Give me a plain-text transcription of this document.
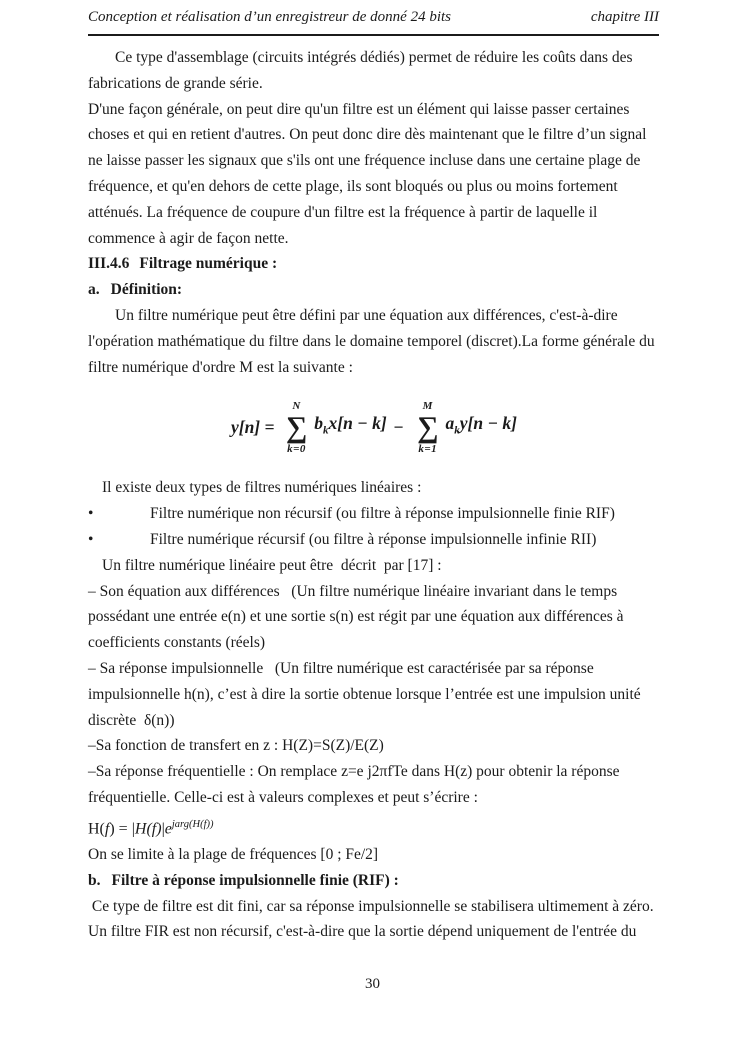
Conception et réalisation d’un enregistreur de donné 24 bits	chapitre III

Ce type d'assemblage (circuits intégrés dédiés) permet de réduire les coûts dans des fabrications de grande série.

D'une façon générale, on peut dire qu'un filtre est un élément qui laisse passer certaines choses et qui en retient d'autres. On peut donc dire dès maintenant que le filtre d’un signal ne laisse passer les signaux que s'ils ont une fréquence incluse dans une certaine plage de fréquence, et qu'en dehors de cette plage, ils sont bloqués ou plus ou moins fortement atténués. La fréquence de coupure d'un filtre est la fréquence à partir de laquelle il commence à agir de façon nette.

III.4.6 Filtrage numérique :

a. Définition:

Un filtre numérique peut être défini par une équation aux différences, c'est-à-dire l'opération mathématique du filtre dans le domaine temporel (discret).La forme générale du filtre numérique d'ordre M est la suivante :

y[n] =
N
∑
k=0
$b_kx[n - k]$ −
M
∑
k=1
$a_ky[n - k]$

Il existe deux types de filtres numériques linéaires :

•	Filtre numérique non récursif (ou filtre à réponse impulsionnelle finie RIF)
•	Filtre numérique récursif (ou filtre à réponse impulsionnelle infinie RII)

Un filtre numérique linéaire peut être  décrit  par [17] :

– Son équation aux différences   (Un filtre numérique linéaire invariant dans le temps possédant une entrée e(n) et une sortie s(n) est régit par une équation aux différences à coefficients constants (réels)

– Sa réponse impulsionnelle   (Un filtre numérique est caractérisée par sa réponse impulsionnelle h(n), c’est à dire la sortie obtenue lorsque l’entrée est une impulsion unité discrète  δ(n))

–Sa fonction de transfert en z : H(Z)=S(Z)/E(Z)

–Sa réponse fréquentielle : On remplace z=e j2πfTe dans H(z) pour obtenir la réponse fréquentielle. Celle-ci est à valeurs complexes et peut s’écrire :

$H(f) = |H(f)|e^{jarg(H(f))}$

On se limite à la plage de fréquences [0 ; Fe/2]

b. Filtre à réponse impulsionnelle finie (RIF) :

Ce type de filtre est dit fini, car sa réponse impulsionnelle se stabilisera ultimement à zéro. Un filtre FIR est non récursif, c'est-à-dire que la sortie dépend uniquement de l'entrée du

30
